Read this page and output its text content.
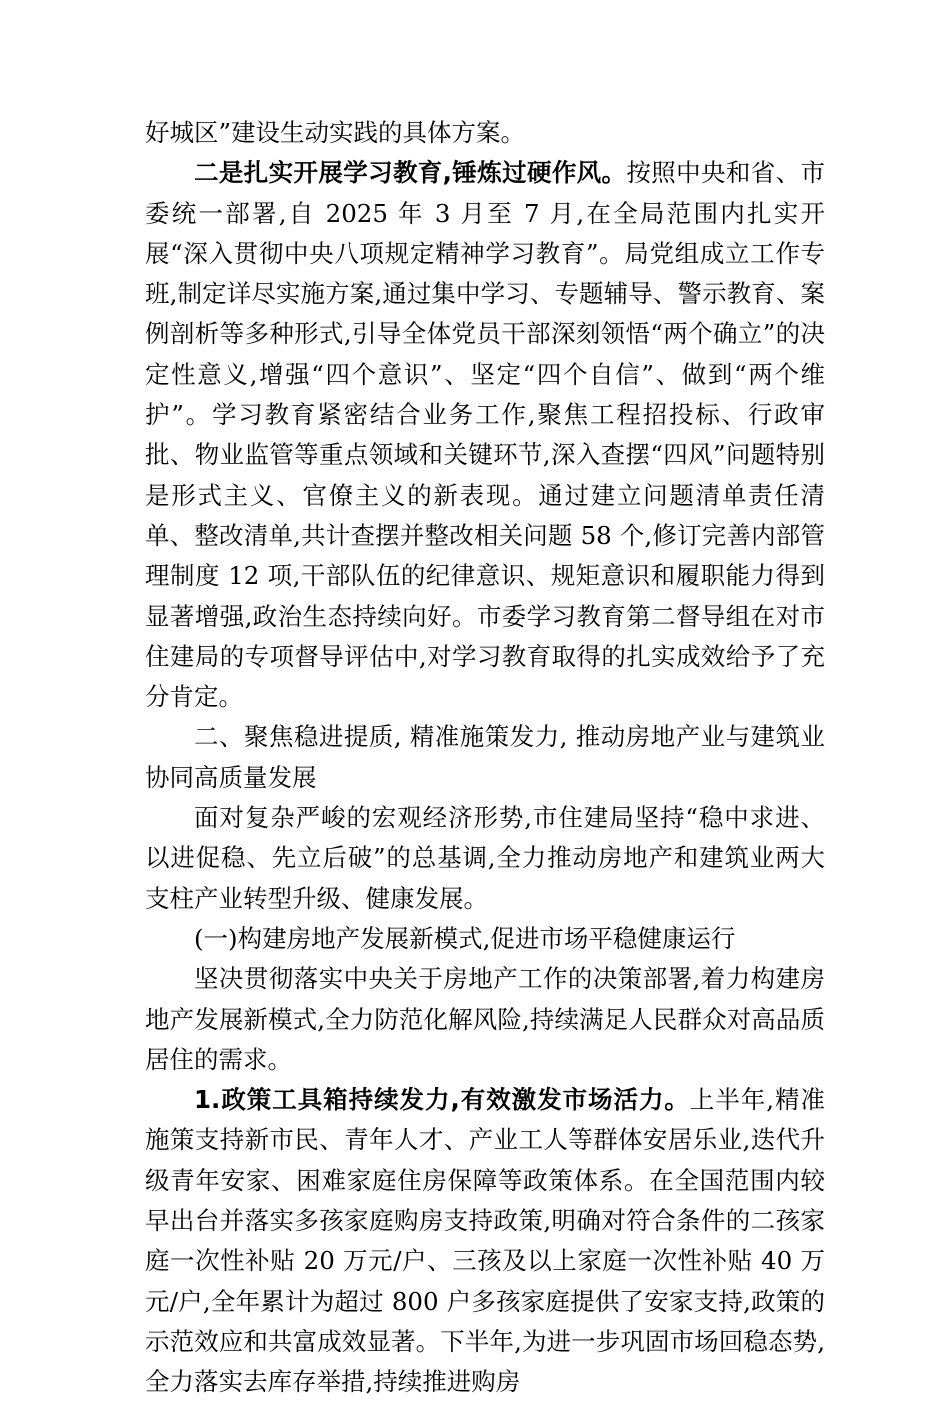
好城区”建设生动实践的具体方案。

二是扎实开展学习教育,锤炼过硬作风。按照中央和省、市委统一部署,自 2025 年 3 月至 7 月,在全局范围内扎实开展“深入贯彻中央八项规定精神学习教育”。局党组成立工作专班,制定详尽实施方案,通过集中学习、专题辅导、警示教育、案例剖析等多种形式,引导全体党员干部深刻领悟“两个确立”的决定性意义,增强“四个意识”、坚定“四个自信”、做到“两个维护”。学习教育紧密结合业务工作,聚焦工程招投标、行政审批、物业监管等重点领域和关键环节,深入查摆“四风”问题特别是形式主义、官僚主义的新表现。通过建立问题清单责任清单、整改清单,共计查摆并整改相关问题 58 个,修订完善内部管理制度 12 项,干部队伍的纪律意识、规矩意识和履职能力得到显著增强,政治生态持续向好。市委学习教育第二督导组在对市住建局的专项督导评估中,对学习教育取得的扎实成效给予了充分肯定。

二、聚焦稳进提质, 精准施策发力, 推动房地产业与建筑业协同高质量发展

面对复杂严峻的宏观经济形势,市住建局坚持“稳中求进、以进促稳、先立后破”的总基调,全力推动房地产和建筑业两大支柱产业转型升级、健康发展。

(一)构建房地产发展新模式,促进市场平稳健康运行

坚决贯彻落实中央关于房地产工作的决策部署,着力构建房地产发展新模式,全力防范化解风险,持续满足人民群众对高品质居住的需求。

1.政策工具箱持续发力,有效激发市场活力。上半年,精准施策支持新市民、青年人才、产业工人等群体安居乐业,迭代升级青年安家、困难家庭住房保障等政策体系。在全国范围内较早出台并落实多孩家庭购房支持政策,明确对符合条件的二孩家庭一次性补贴 20 万元/户、三孩及以上家庭一次性补贴 40 万元/户,全年累计为超过 800 户多孩家庭提供了安家支持,政策的示范效应和共富成效显著。下半年,为进一步巩固市场回稳态势,全力落实去库存举措,持续推进购房
